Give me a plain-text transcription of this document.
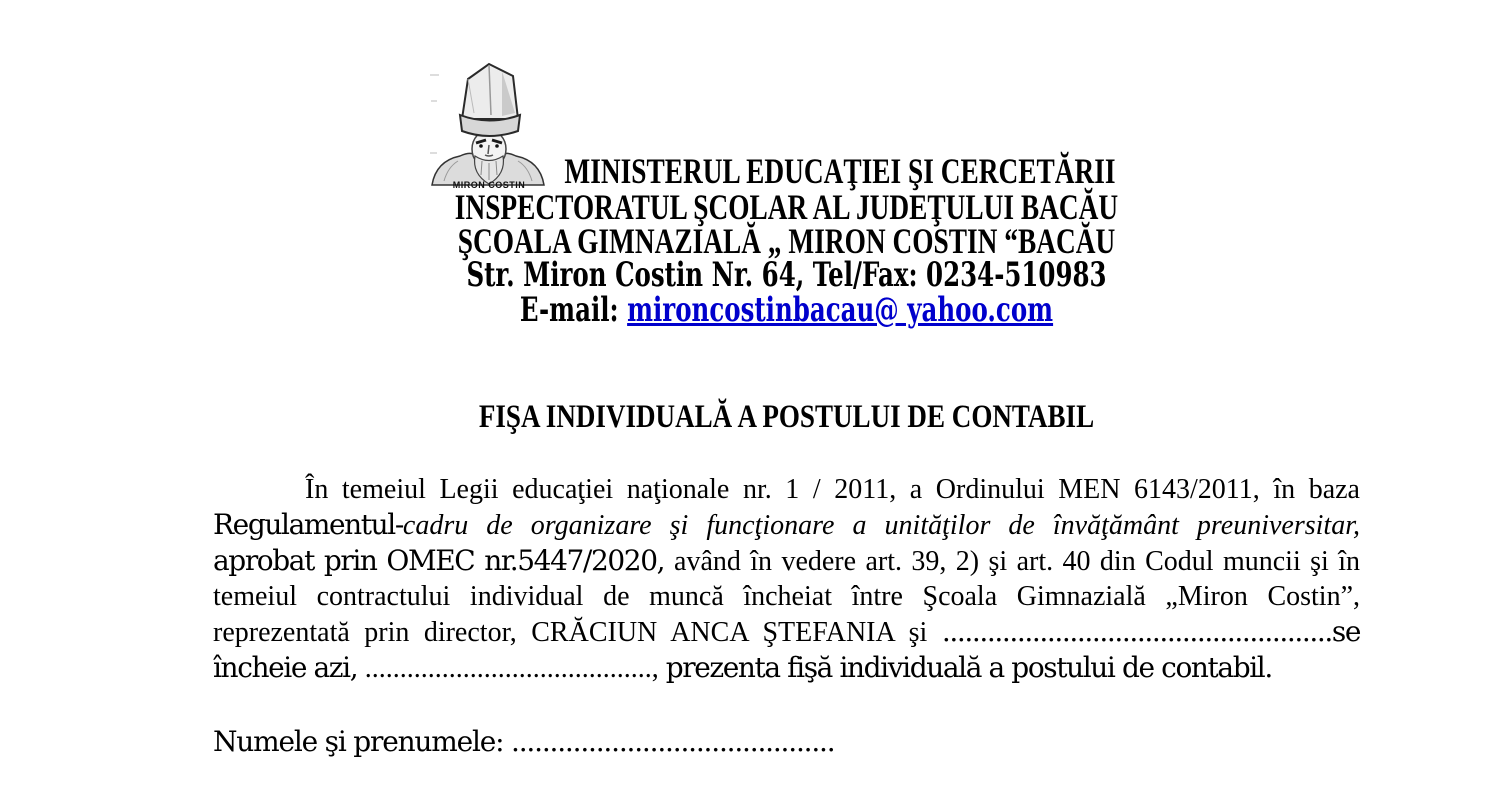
MIRON COSTIN MINISTERUL EDUCAŢIEI ŞI CERCETĂRII
INSPECTORATUL ŞCOLAR AL JUDEŢULUI BACĂU
ŞCOALA GIMNAZIALĂ „ MIRON COSTIN “BACĂU
Str. Miron Costin Nr. 64, Tel/Fax: 0234-510983
E-mail: mironcostinbacau@ yahoo.com
FIŞA INDIVIDUALĂ A POSTULUI DE CONTABIL

În temeiul Legii educaţiei naţionale nr. 1 / 2011, a Ordinului MEN 6143/2011, în baza Regulamentul-cadru de organizare şi funcţionare a unităţilor de învăţământ preuniversitar, aprobat prin OMEC nr.5447/2020, având în vedere art. 39, 2) şi art. 40 din Codul muncii şi în temeiul contractului individual de muncă încheiat între Şcoala Gimnazială „Miron Costin”, reprezentată prin director, CRĂCIUN ANCA ŞTEFANIA şi ....................................................se încheie azi, ........................................., prezenta fişă individuală a postului de contabil.

Numele şi prenumele: ..........................................
